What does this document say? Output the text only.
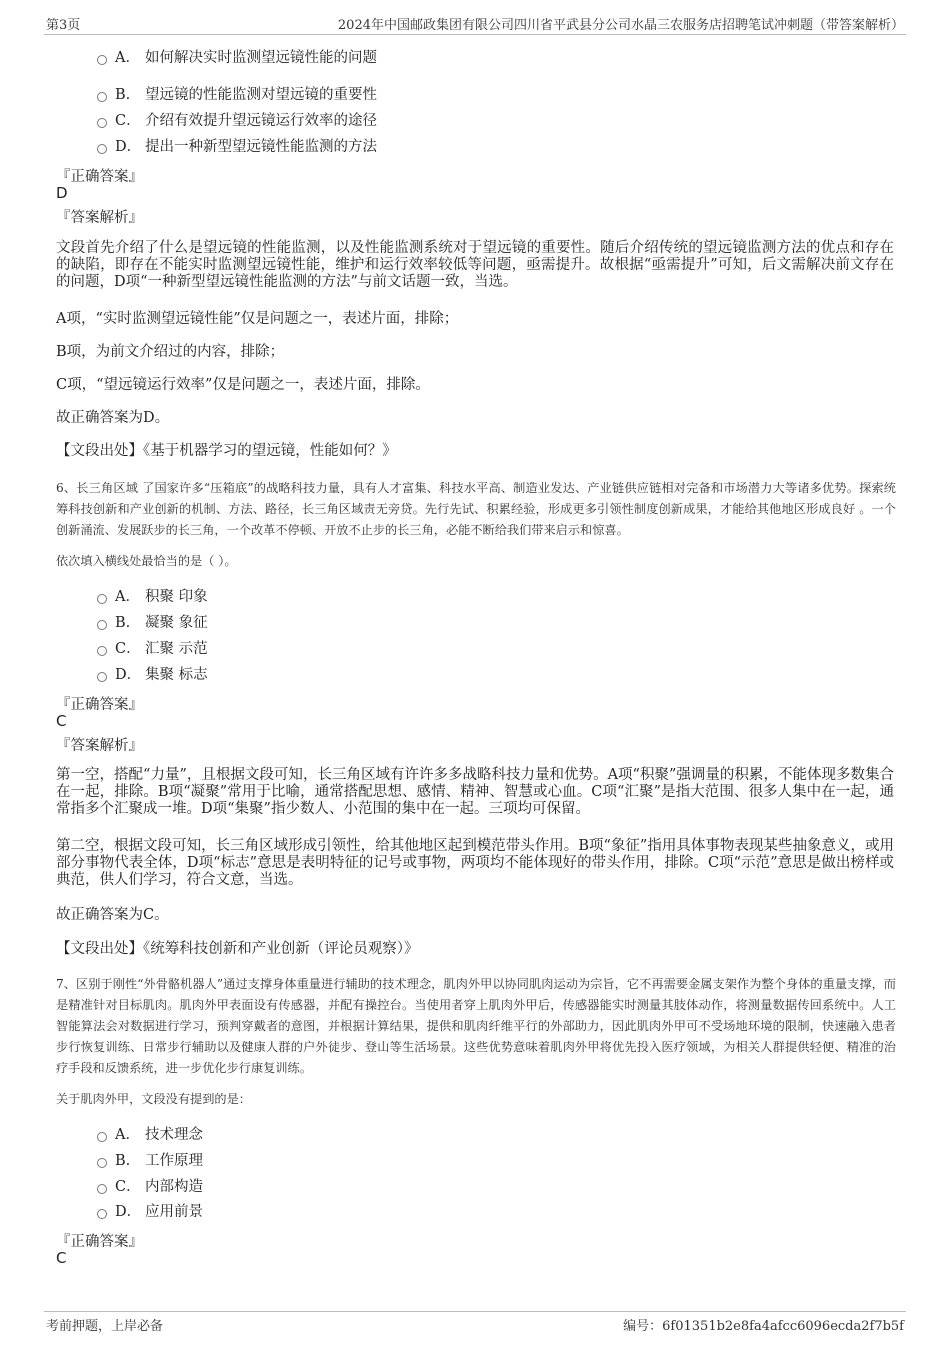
第3页	2024年中国邮政集团有限公司四川省平武县分公司水晶三农服务店招聘笔试冲刺题（带答案解析）
A． 如何解决实时监测望远镜性能的问题
B. 望远镜的性能监测对望远镜的重要性
C． 介绍有效提升望远镜运行效率的途径
D． 提出一种新型望远镜性能监测的方法
『正确答案』
D
『答案解析』
文段首先介绍了什么是望远镜的性能监测，以及性能监测系统对于望远镜的重要性。随后介绍传统的望远镜监测方法的优点和存在的缺陷，即存在不能实时监测望远镜性能，维护和运行效率较低等问题，亟需提升。故根据“亟需提升”可知，后文需解决前文存在的问题，D项“一种新型望远镜性能监测的方法”与前文话题一致，当选。
A项，“实时监测望远镜性能”仅是问题之一，表述片面，排除；
B项，为前文介绍过的内容，排除；
C项，“望远镜运行效率”仅是问题之一，表述片面，排除。
故正确答案为D。
【文段出处】《基于机器学习的望远镜，性能如何？》
6、长三角区域 了国家许多“压箱底”的战略科技力量，具有人才富集、科技水平高、制造业发达、产业链供应链相对完备和市场潜力大等诸多优势。探索统筹科技创新和产业创新的机制、方法、路径，长三角区域责无旁贷。先行先试、积累经验，形成更多引领性制度创新成果，才能给其他地区形成良好 。一个创新涌流、发展跃步的长三角，一个改革不停顿、开放不止步的长三角，必能不断给我们带来启示和惊喜。
依次填入横线处最恰当的是（ ）。
A． 积聚 印象
B. 凝聚 象征
C． 汇聚 示范
D． 集聚 标志
『正确答案』
C
『答案解析』
第一空，搭配“力量”，且根据文段可知，长三角区域有许许多多战略科技力量和优势。A项“积聚”强调量的积累，不能体现多数集合在一起，排除。B项“凝聚”常用于比喻，通常搭配思想、感情、精神、智慧或心血。C项“汇聚”是指大范围、很多人集中在一起，通常指多个汇聚成一堆。D项“集聚”指少数人、小范围的集中在一起。三项均可保留。
第二空，根据文段可知，长三角区域形成引领性，给其他地区起到模范带头作用。B项“象征”指用具体事物表现某些抽象意义，或用部分事物代表全体，D项“标志”意思是表明特征的记号或事物，两项均不能体现好的带头作用，排除。C项“示范”意思是做出榜样或典范，供人们学习，符合文意，当选。
故正确答案为C。
【文段出处】《统筹科技创新和产业创新（评论员观察）》
7、区别于刚性“外骨骼机器人”通过支撑身体重量进行辅助的技术理念，肌肉外甲以协同肌肉运动为宗旨，它不再需要金属支架作为整个身体的重量支撑，而是精准针对目标肌肉。肌肉外甲表面设有传感器，并配有操控台。当使用者穿上肌肉外甲后，传感器能实时测量其肢体动作，将测量数据传回系统中。人工智能算法会对数据进行学习，预判穿戴者的意图，并根据计算结果，提供和肌肉纤维平行的外部助力，因此肌肉外甲可不受场地环境的限制，快速融入患者步行恢复训练、日常步行辅助以及健康人群的户外徒步、登山等生活场景。这些优势意味着肌肉外甲将优先投入医疗领域，为相关人群提供轻便、精准的治疗手段和反馈系统，进一步优化步行康复训练。
关于肌肉外甲，文段没有提到的是：
A． 技术理念
B. 工作原理
C． 内部构造
D． 应用前景
『正确答案』
C
考前押题，上岸必备	编号：6f01351b2e8fa4afcc6096ecda2f7b5f
